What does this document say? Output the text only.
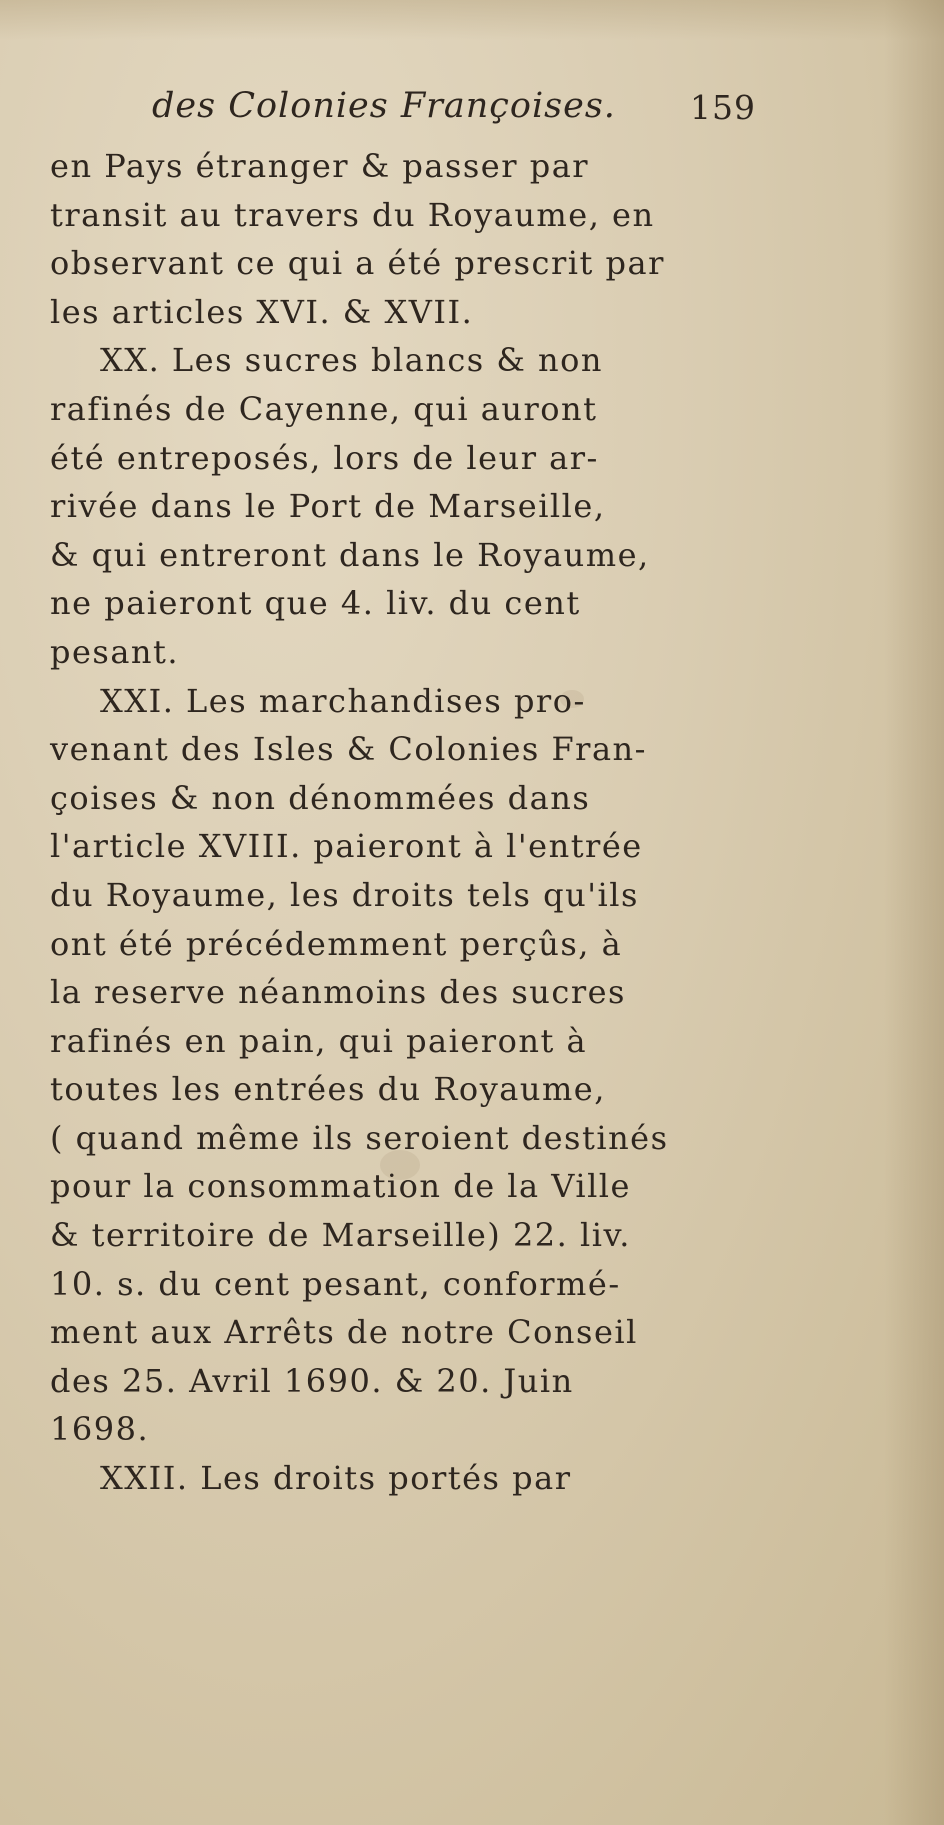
des Colonies Françoises. 159
en Pays étranger & passer par
transit au travers du Royaume, en
observant ce qui a été prescrit par
les articles XVI. & XVII.
XX. Les sucres blancs & non
rafinés de Cayenne, qui auront
été entreposés, lors de leur ar-
rivée dans le Port de Marseille,
& qui entreront dans le Royaume,
ne paieront que 4. liv. du cent
pesant.
XXI. Les marchandises pro-
venant des Isles & Colonies Fran-
çoises & non dénommées dans
l'article XVIII. paieront à l'entrée
du Royaume, les droits tels qu'ils
ont été précédemment perçûs, à
la reserve néanmoins des sucres
rafinés en pain, qui paieront à
toutes les entrées du Royaume,
( quand même ils seroient destinés
pour la consommation de la Ville
& territoire de Marseille) 22. liv.
10. s. du cent pesant, conformé-
ment aux Arrêts de notre Conseil
des 25. Avril 1690. & 20. Juin
1698.
XXII. Les droits portés par
